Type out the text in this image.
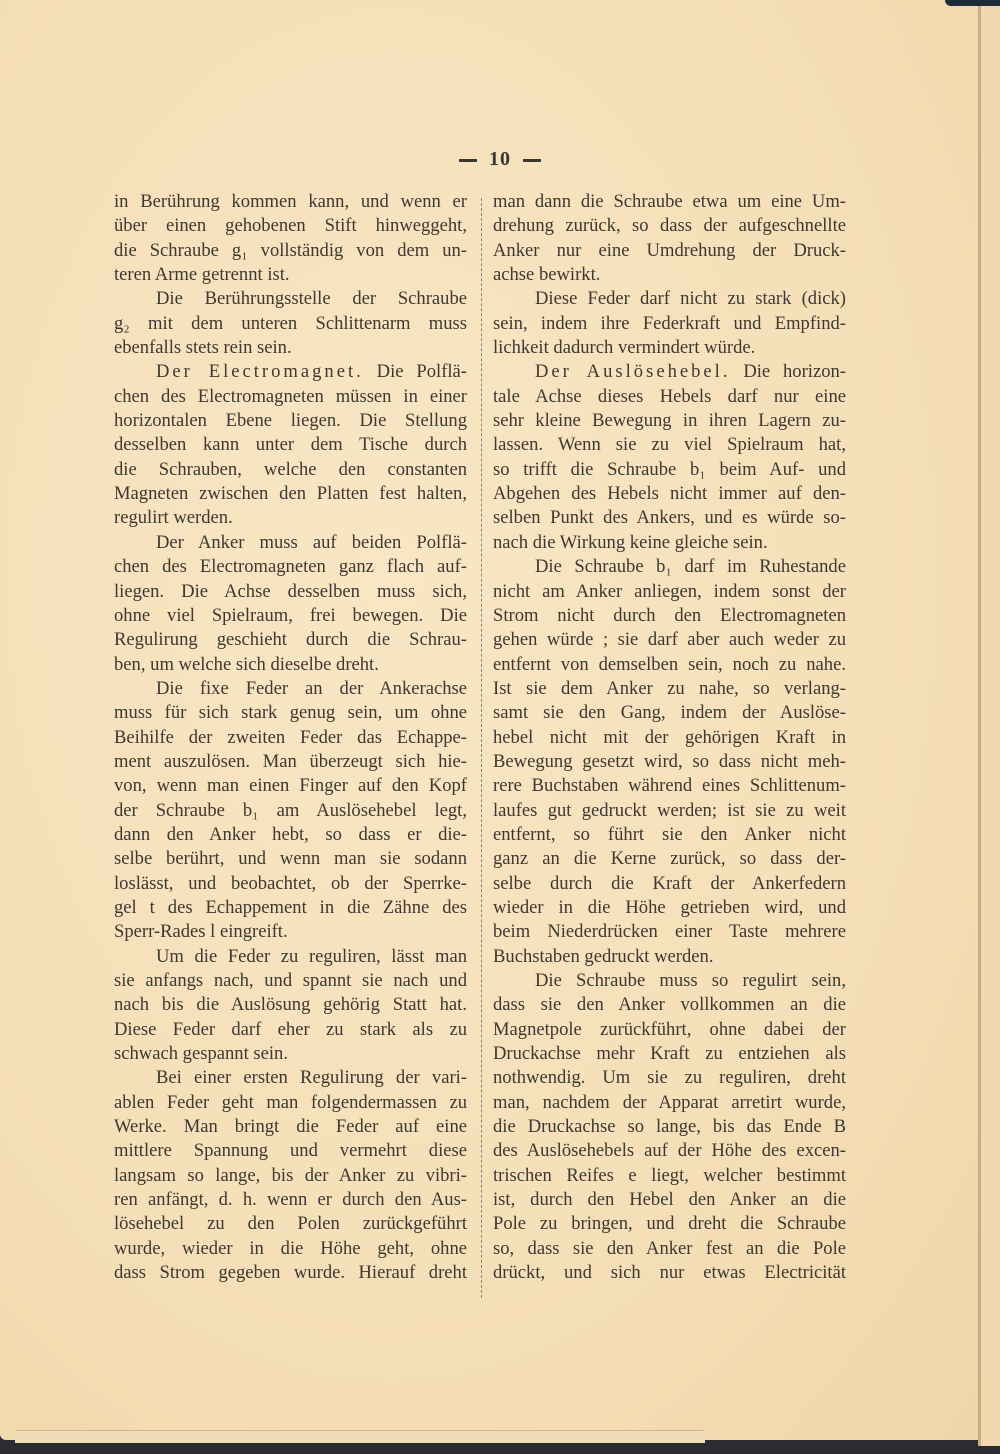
10
in Berührung kommen kann, und wenn er
über einen gehobenen Stift hinweggeht,
die Schraube g₁ vollständig von dem un-
teren Arme getrennt ist.
Die Berührungsstelle der Schraube
g₂ mit dem unteren Schlittenarm muss
ebenfalls stets rein sein.
Der Electromagnet. Die Polflä-
chen des Electromagneten müssen in einer
horizontalen Ebene liegen. Die Stellung
desselben kann unter dem Tische durch
die Schrauben, welche den constanten
Magneten zwischen den Platten fest halten,
regulirt werden.
Der Anker muss auf beiden Polflä-
chen des Electromagneten ganz flach auf-
liegen. Die Achse desselben muss sich,
ohne viel Spielraum, frei bewegen. Die
Regulirung geschieht durch die Schrau-
ben, um welche sich dieselbe dreht.
Die fixe Feder an der Ankerachse
muss für sich stark genug sein, um ohne
Beihilfe der zweiten Feder das Echappe-
ment auszulösen. Man überzeugt sich hie-
von, wenn man einen Finger auf den Kopf
der Schraube b₁ am Auslösehebel legt,
dann den Anker hebt, so dass er die-
selbe berührt, und wenn man sie sodann
loslässt, und beobachtet, ob der Sperrke-
gel t des Echappement in die Zähne des
Sperr-Rades l eingreift.
Um die Feder zu reguliren, lässt man
sie anfangs nach, und spannt sie nach und
nach bis die Auslösung gehörig Statt hat.
Diese Feder darf eher zu stark als zu
schwach gespannt sein.
Bei einer ersten Regulirung der vari-
ablen Feder geht man folgendermassen zu
Werke. Man bringt die Feder auf eine
mittlere Spannung und vermehrt diese
langsam so lange, bis der Anker zu vibri-
ren anfängt, d. h. wenn er durch den Aus-
lösehebel zu den Polen zurückgeführt
wurde, wieder in die Höhe geht, ohne
dass Strom gegeben wurde. Hierauf dreht
man dann die Schraube etwa um eine Um-
drehung zurück, so dass der aufgeschnellte
Anker nur eine Umdrehung der Druck-
achse bewirkt.
Diese Feder darf nicht zu stark (dick)
sein, indem ihre Federkraft und Empfind-
lichkeit dadurch vermindert würde.
Der Auslösehebel. Die horizon-
tale Achse dieses Hebels darf nur eine
sehr kleine Bewegung in ihren Lagern zu-
lassen. Wenn sie zu viel Spielraum hat,
so trifft die Schraube b₁ beim Auf- und
Abgehen des Hebels nicht immer auf den-
selben Punkt des Ankers, und es würde so-
nach die Wirkung keine gleiche sein.
Die Schraube b₁ darf im Ruhestande
nicht am Anker anliegen, indem sonst der
Strom nicht durch den Electromagneten
gehen würde ; sie darf aber auch weder zu
entfernt von demselben sein, noch zu nahe.
Ist sie dem Anker zu nahe, so verlang-
samt sie den Gang, indem der Auslöse-
hebel nicht mit der gehörigen Kraft in
Bewegung gesetzt wird, so dass nicht meh-
rere Buchstaben während eines Schlittenum-
laufes gut gedruckt werden; ist sie zu weit
entfernt, so führt sie den Anker nicht
ganz an die Kerne zurück, so dass der-
selbe durch die Kraft der Ankerfedern
wieder in die Höhe getrieben wird, und
beim Niederdrücken einer Taste mehrere
Buchstaben gedruckt werden.
Die Schraube muss so regulirt sein,
dass sie den Anker vollkommen an die
Magnetpole zurückführt, ohne dabei der
Druckachse mehr Kraft zu entziehen als
nothwendig. Um sie zu reguliren, dreht
man, nachdem der Apparat arretirt wurde,
die Druckachse so lange, bis das Ende B
des Auslösehebels auf der Höhe des excen-
trischen Reifes e liegt, welcher bestimmt
ist, durch den Hebel den Anker an die
Pole zu bringen, und dreht die Schraube
so, dass sie den Anker fest an die Pole
drückt, und sich nur etwas Electricität
